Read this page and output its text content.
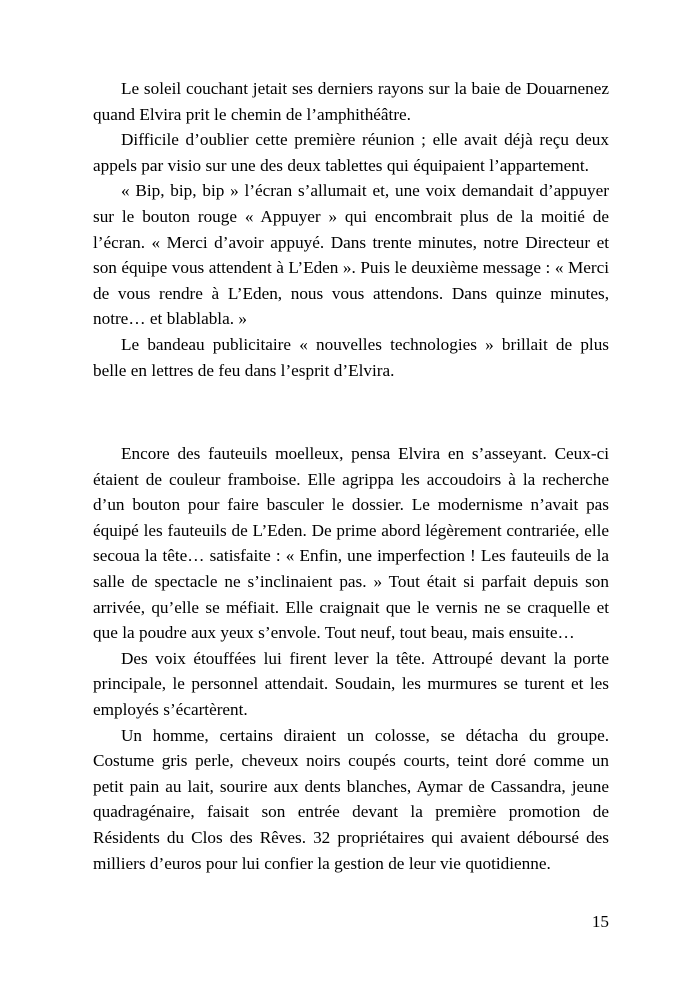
Le soleil couchant jetait ses derniers rayons sur la baie de Douarnenez quand Elvira prit le chemin de l’amphithéâtre.

Difficile d’oublier cette première réunion ; elle avait déjà reçu deux appels par visio sur une des deux tablettes qui équipaient l’appartement.

« Bip, bip, bip » l’écran s’allumait et, une voix demandait d’appuyer sur le bouton rouge « Appuyer » qui encombrait plus de la moitié de l’écran. « Merci d’avoir appuyé. Dans trente minutes, notre Directeur et son équipe vous attendent à L’Eden ». Puis le deuxième message : « Merci de vous rendre à L’Eden, nous vous attendons. Dans quinze minutes, notre… et blablabla. »

Le bandeau publicitaire « nouvelles technologies » brillait de plus belle en lettres de feu dans l’esprit d’Elvira.

Encore des fauteuils moelleux, pensa Elvira en s’asseyant. Ceux-ci étaient de couleur framboise. Elle agrippa les accoudoirs à la recherche d’un bouton pour faire basculer le dossier. Le modernisme n’avait pas équipé les fauteuils de L’Eden. De prime abord légèrement contrariée, elle secoua la tête… satisfaite : « Enfin, une imperfection ! Les fauteuils de la salle de spectacle ne s’inclinaient pas. » Tout était si parfait depuis son arrivée, qu’elle se méfiait. Elle craignait que le vernis ne se craquelle et que la poudre aux yeux s’envole. Tout neuf, tout beau, mais ensuite…

Des voix étouffées lui firent lever la tête. Attroupé devant la porte principale, le personnel attendait. Soudain, les murmures se turent et les employés s’écartèrent.

Un homme, certains diraient un colosse, se détacha du groupe. Costume gris perle, cheveux noirs coupés courts, teint doré comme un petit pain au lait, sourire aux dents blanches, Aymar de Cassandra, jeune quadragénaire, faisait son entrée devant la première promotion de Résidents du Clos des Rêves. 32 propriétaires qui avaient déboursé des milliers d’euros pour lui confier la gestion de leur vie quotidienne.

15
